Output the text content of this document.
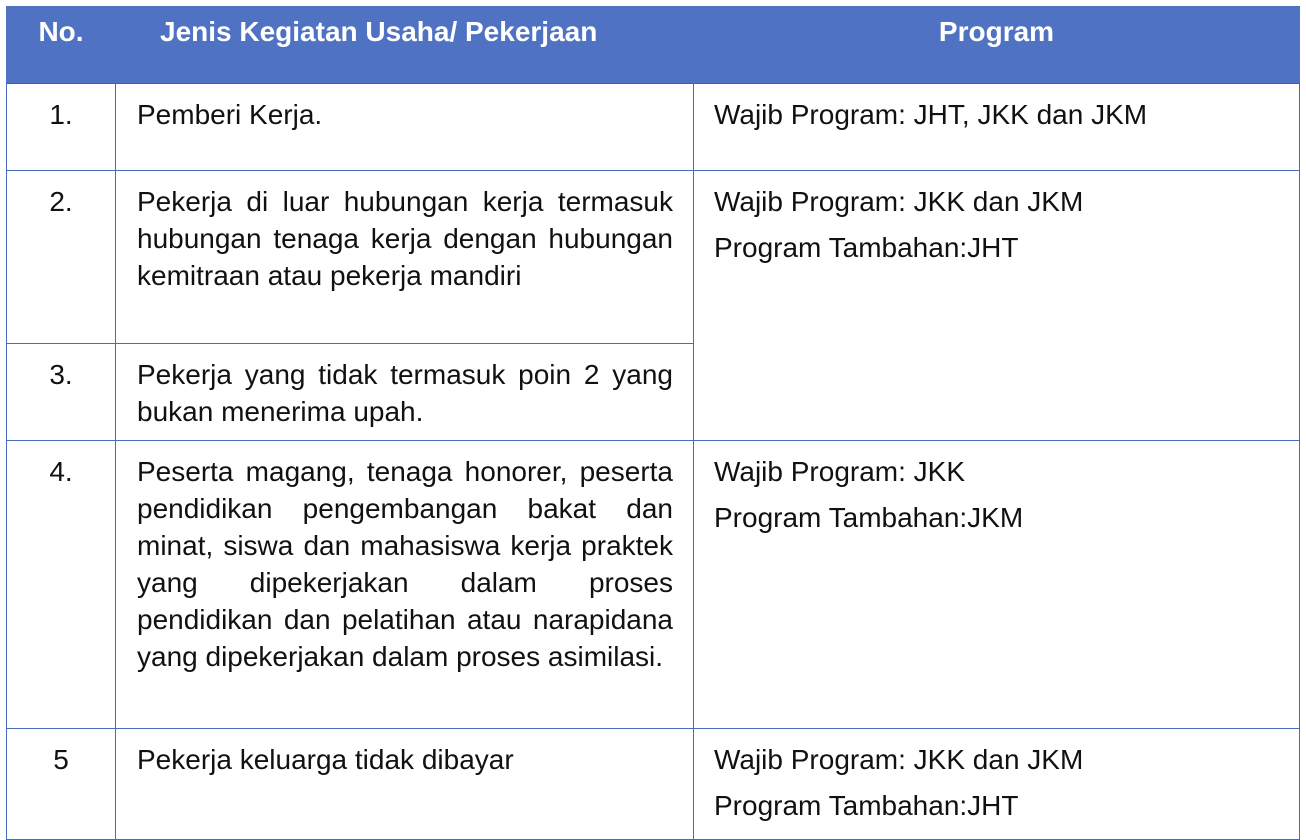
No.	Jenis Kegiatan Usaha/ Pekerjaan	Program

1.	Pemberi Kerja.	Wajib Program: JHT, JKK dan JKM

2.	Pekerja di luar hubungan kerja termasuk hubungan tenaga kerja dengan hubungan kemitraan atau pekerja mandiri	Wajib Program: JKK dan JKM
Program Tambahan:JHT

3.	Pekerja yang tidak termasuk poin 2 yang bukan menerima upah.	
4.	Peserta magang, tenaga honorer, peserta pendidikan pengembangan bakat dan minat, siswa dan mahasiswa kerja praktek yang dipekerjakan dalam proses pendidikan dan pelatihan atau narapidana yang dipekerjakan dalam proses asimilasi.	Wajib Program: JKK
Program Tambahan:JKM

5	Pekerja keluarga tidak dibayar	Wajib Program: JKK dan JKM
Program Tambahan:JHT
